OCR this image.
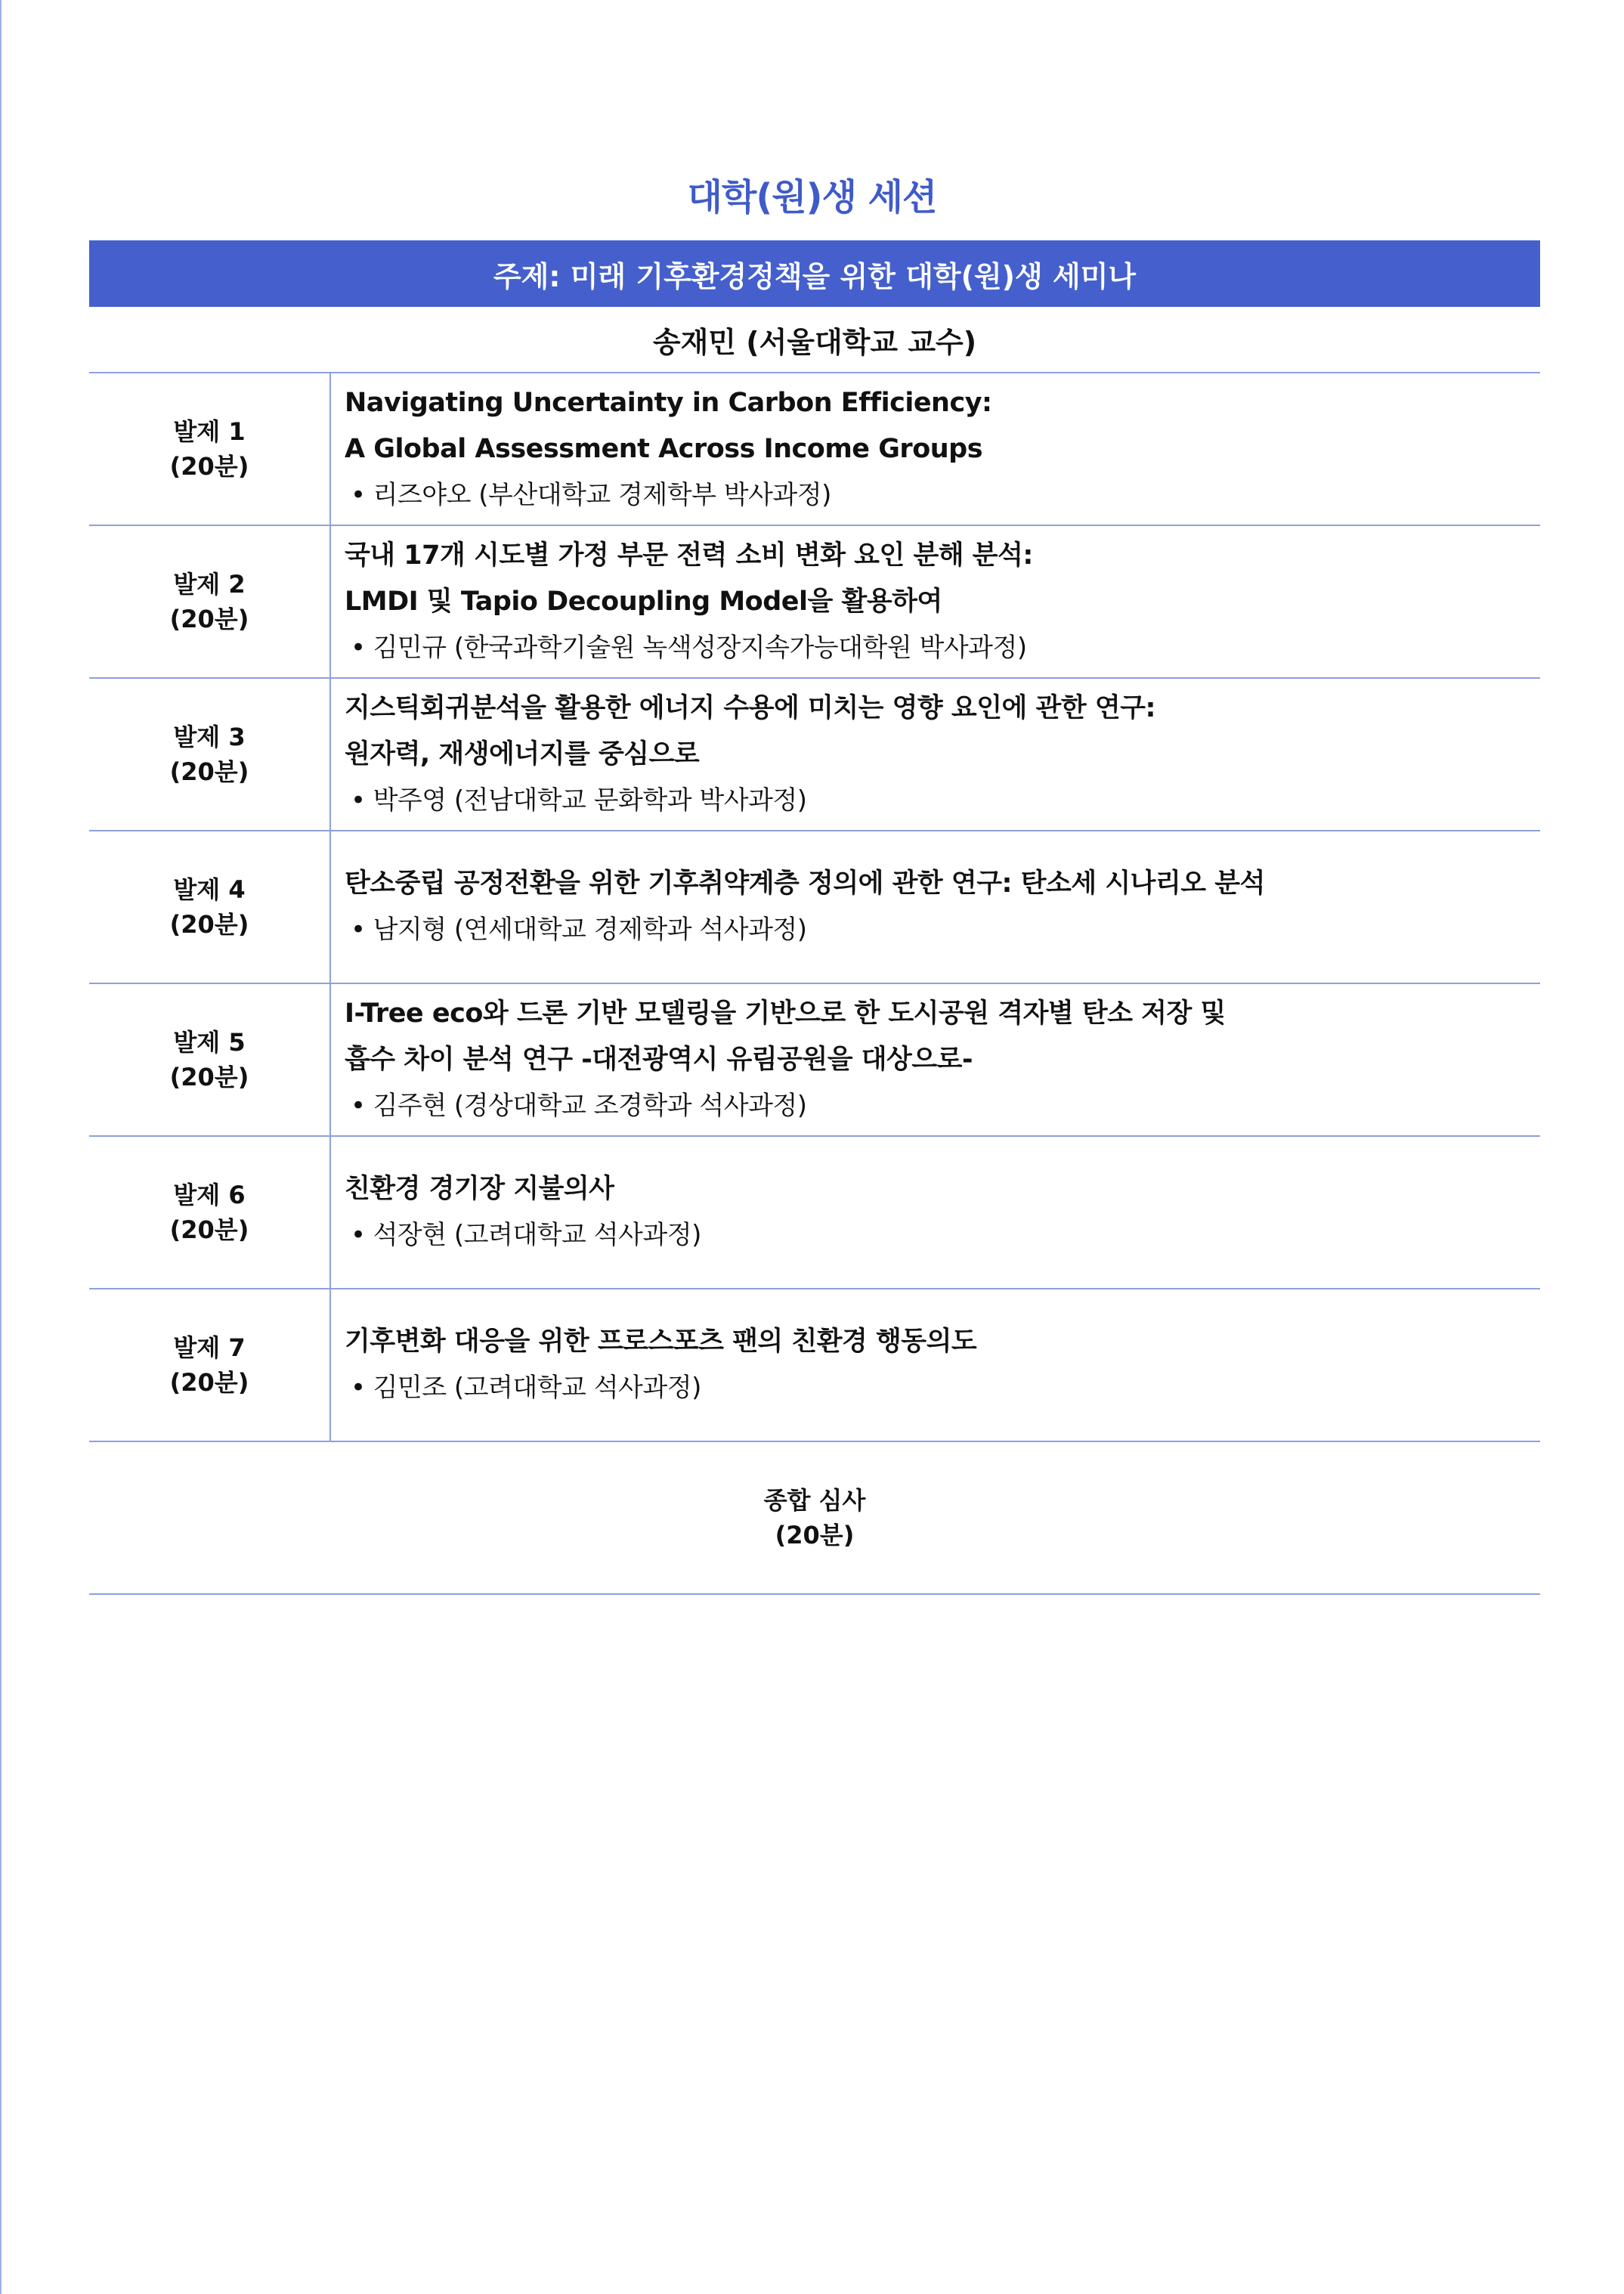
대학(원)생 세션
주제: 미래 기후환경정책을 위한 대학(원)생 세미나
송재민 (서울대학교 교수)
발제 1
(20분)
Navigating Uncertainty in Carbon Efficiency:
A Global Assessment Across Income Groups
• 리즈야오 (부산대학교 경제학부 박사과정)
발제 2
(20분)
국내 17개 시도별 가정 부문 전력 소비 변화 요인 분해 분석:
LMDI 및 Tapio Decoupling Model을 활용하여
• 김민규 (한국과학기술원 녹색성장지속가능대학원 박사과정)
발제 3
(20분)
지스틱회귀분석을 활용한 에너지 수용에 미치는 영향 요인에 관한 연구:
원자력, 재생에너지를 중심으로
• 박주영 (전남대학교 문화학과 박사과정)
발제 4
(20분)
탄소중립 공정전환을 위한 기후취약계층 정의에 관한 연구: 탄소세 시나리오 분석
• 남지형 (연세대학교 경제학과 석사과정)
발제 5
(20분)
I-Tree eco와 드론 기반 모델링을 기반으로 한 도시공원 격자별 탄소 저장 및
흡수 차이 분석 연구 -대전광역시 유림공원을 대상으로-
• 김주현 (경상대학교 조경학과 석사과정)
발제 6
(20분)
친환경 경기장 지불의사
• 석장현 (고려대학교 석사과정)
발제 7
(20분)
기후변화 대응을 위한 프로스포츠 팬의 친환경 행동의도
• 김민조 (고려대학교 석사과정)
종합 심사
(20분)
